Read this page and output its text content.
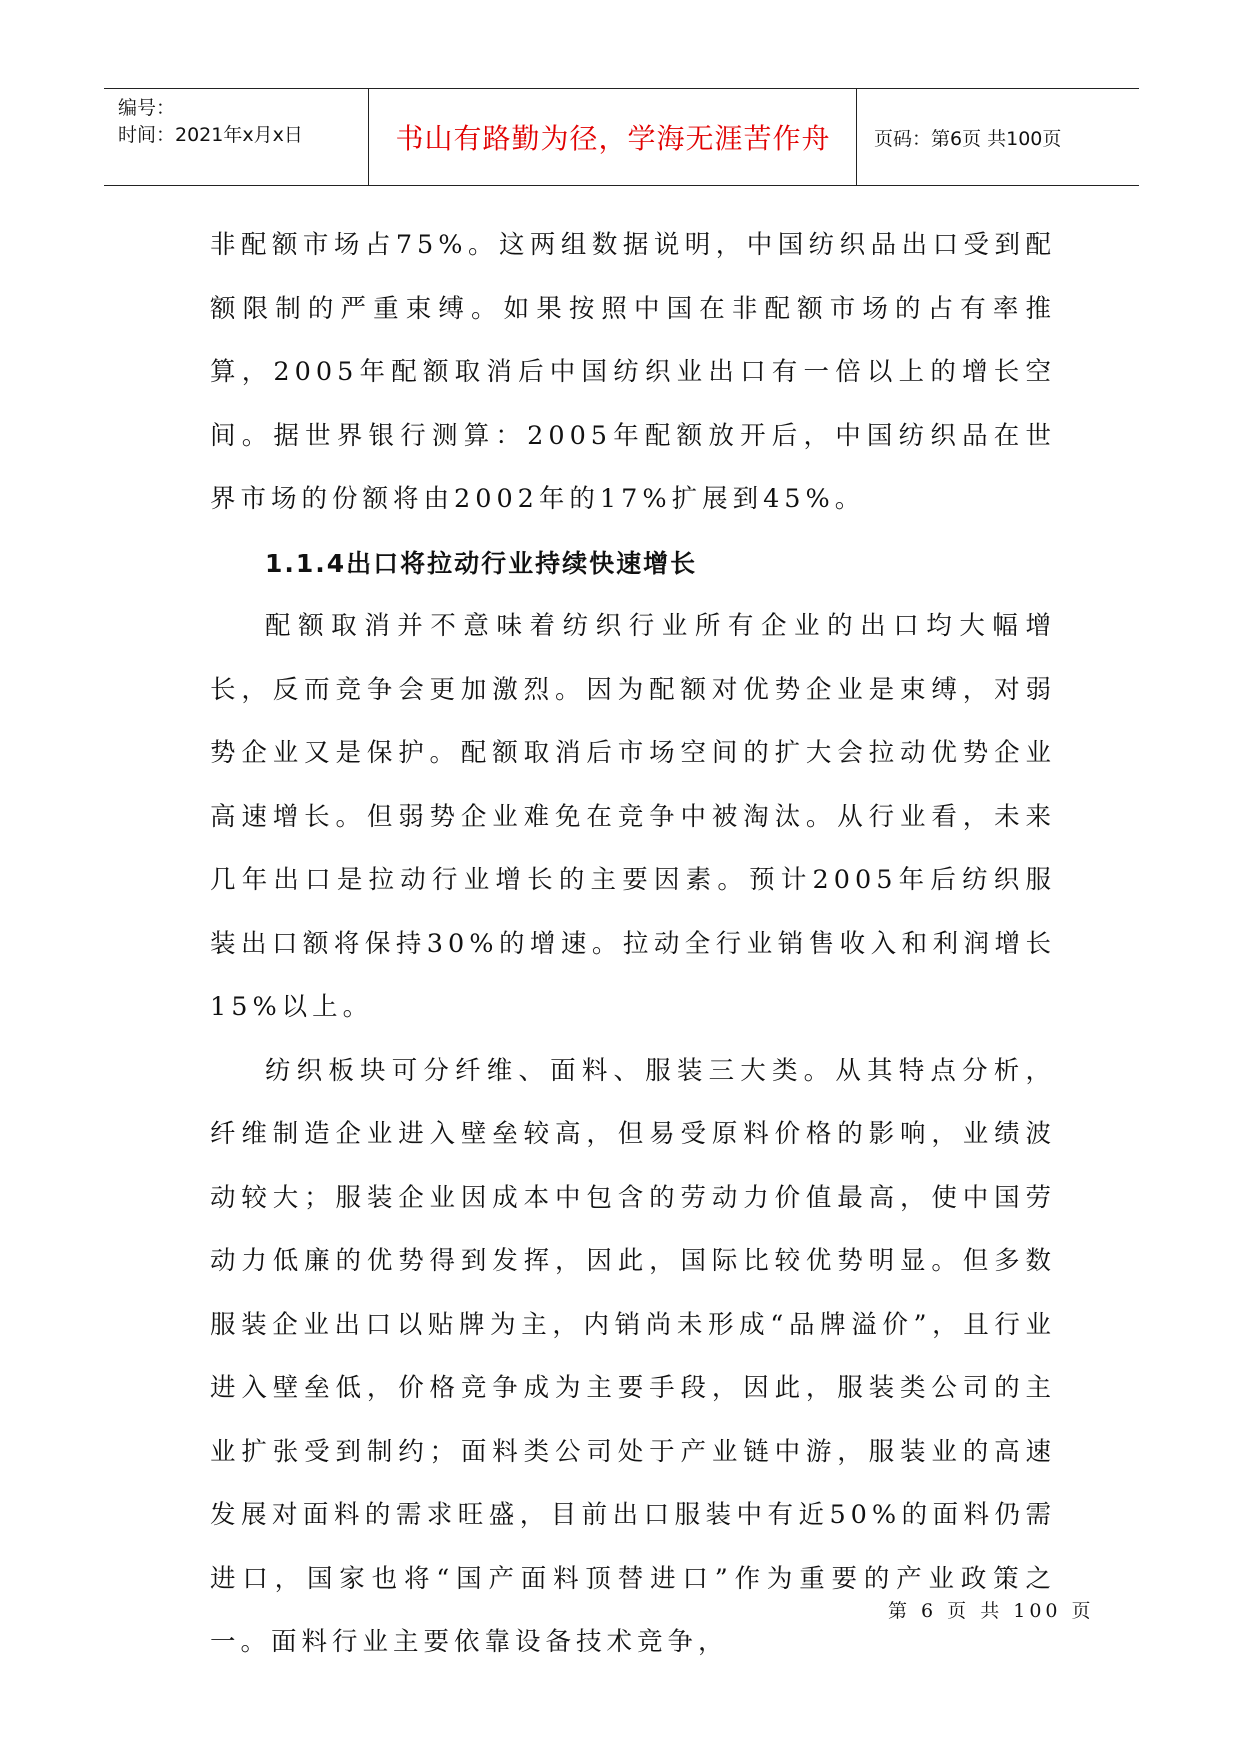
编号：
时间：2021年x月x日	书山有路勤为径，学海无涯苦作舟	页码：第6页 共100页

非配额市场占75%。这两组数据说明，中国纺织品出口受到配额限制的严重束缚。如果按照中国在非配额市场的占有率推算，2005年配额取消后中国纺织业出口有一倍以上的增长空间。据世界银行测算：2005年配额放开后，中国纺织品在世界市场的份额将由2002年的17%扩展到45%。

1.1.4出口将拉动行业持续快速增长

配额取消并不意味着纺织行业所有企业的出口均大幅增长，反而竞争会更加激烈。因为配额对优势企业是束缚，对弱势企业又是保护。配额取消后市场空间的扩大会拉动优势企业高速增长。但弱势企业难免在竞争中被淘汰。从行业看，未来几年出口是拉动行业增长的主要因素。预计2005年后纺织服装出口额将保持30%的增速。拉动全行业销售收入和利润增长15%以上。

纺织板块可分纤维、面料、服装三大类。从其特点分析，纤维制造企业进入壁垒较高，但易受原料价格的影响，业绩波动较大；服装企业因成本中包含的劳动力价值最高，使中国劳动力低廉的优势得到发挥，因此，国际比较优势明显。但多数服装企业出口以贴牌为主，内销尚未形成“品牌溢价”，且行业进入壁垒低，价格竞争成为主要手段，因此，服装类公司的主业扩张受到制约；面料类公司处于产业链中游，服装业的高速发展对面料的需求旺盛，目前出口服装中有近50%的面料仍需进口，国家也将“国产面料顶替进口”作为重要的产业政策之一。面料行业主要依靠设备技术竞争，

第 6 页 共 100 页
